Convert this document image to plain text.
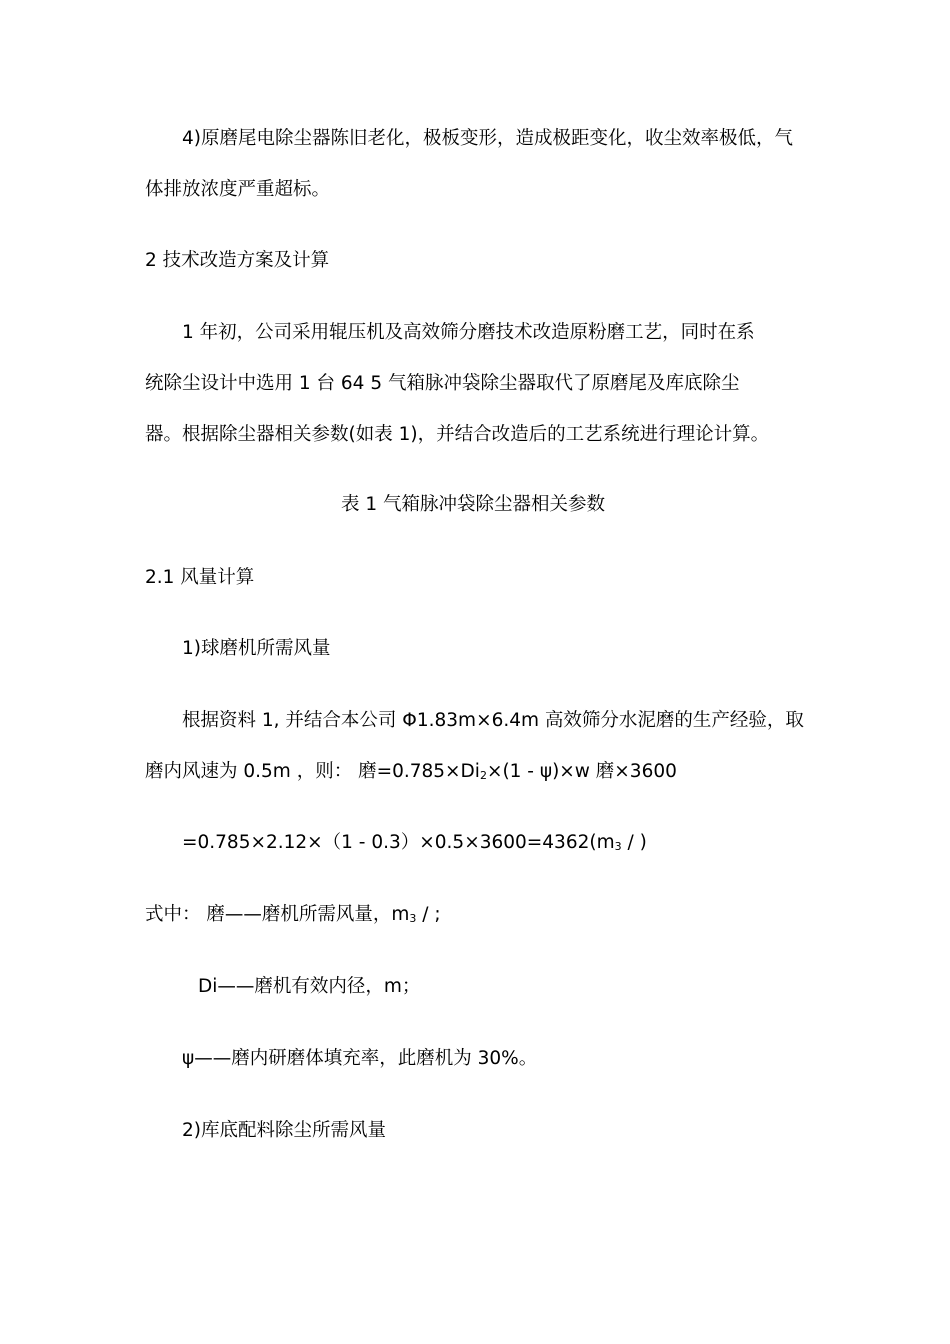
4)原磨尾电除尘器陈旧老化，极板变形，造成极距变化，收尘效率极低，气
体排放浓度严重超标。
2 技术改造方案及计算
1 年初，公司采用辊压机及高效筛分磨技术改造原粉磨工艺，同时在系
统除尘设计中选用 1 台 64 5 气箱脉冲袋除尘器取代了原磨尾及库底除尘
器。根据除尘器相关参数(如表 1)，并结合改造后的工艺系统进行理论计算。
表 1 气箱脉冲袋除尘器相关参数
2.1 风量计算
1)球磨机所需风量
根据资料 1, 并结合本公司 Φ1.83m×6.4m 高效筛分水泥磨的生产经验，取
磨内风速为 0.5m ，则： 磨=0.785×Di2×(1 - ψ)×w 磨×3600
=0.785×2.12×（1 - 0.3）×0.5×3600=4362(m3 / )
式中： 磨——磨机所需风量，m3 / ;
Di——磨机有效内径，m；
ψ——磨内研磨体填充率，此磨机为 30%。
2)库底配料除尘所需风量
